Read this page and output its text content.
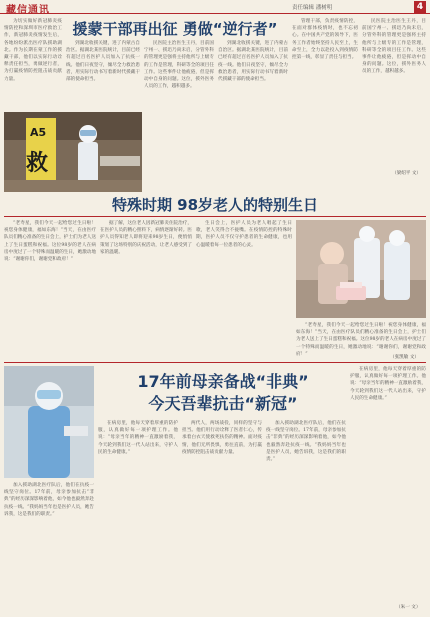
藏信通讯	责任编辑 潘树明	4

为切实做好新冠肺炎疫情防控和深圳市医疗救治工作，新冠肺炎疫情发生后，各地纷纷派出医疗队援助湖北。作为长期在蒙工作的援藏干部，他们以实际行动诠释责任担当，勇做逆行者，为打赢疫情防控阻击战贡献力量。

援蒙干部再出征 勇做“逆行者”

民医院主治医生王丹，目前国宁州一、援迅乃尚未启，分管外科的管理更是强将主持他所与上级专的工作是管理，科研等全的项目任工作。这些事件让他疲倦，但是挥动中自身的问题。这位，援外医务人员的工作，越积越多。

到湖北收援关键，进了内蒙古自治区。据湖北某医院统计，目前已经有超过百名医护人员加入了抗疫一线。他们日夜坚守，倾尽全力救治患者，用实际行动书写着新时代援藏干部的使命担当。

管理干部，负责疫情防控，在面对群体疫情时，也不忘初心。在中国共产党的领导下，医务工作者始终坚持人民至上，生命至上，全力以赴投入到疫情防控第一线，彰显了责任与担当。

民医院主治医生王丹，目前国宁州一、援迅乃尚未启，分管外科的管理更是强将主持他所与上级专的工作是管理，科研等全的项目任工作。这些事件让他疲倦，但是挥动中自身的问题。这位，援外医务人员的工作，越积越多。

（梁绍平 文）
A5
救

到湖北收援关键，进了内蒙古自治区。据湖北某医院统计，目前已经有超过百名医护人员加入了抗疫一线。他们日夜坚守，倾尽全力救治患者，用实际行动书写着新时代援藏干部的使命担当。

特殊时期 98岁老人的特别生日

“老寿星，我们今天一起给您过生日啦！祝您身体健康，福如东海！”当天，在由医疗队员们精心准备的生日会上，护士们为老人送上了生日蛋糕和祝福。这位98岁的老人在病房中度过了一个特殊而温暖的生日，她激动地说：“谢谢你们，谢谢党和政府！”

据了解，这位老人因新冠肺炎住院治疗，在医护人员的精心照料下，病情逐渐好转。医护人员得知老人即将迎来98岁生日，便悄悄策划了这场特别的庆祝活动，让老人感受到了家的温暖。

生日会上，医护人员为老人唱起了生日歌，老人笑得合不拢嘴。在疫情防控的特殊时期，医护人员不仅守护患者的生命健康，也用心温暖着每一位患者的心灵。

（张凯敏 文）

“老寿星，我们今天一起给您过生日啦！祝您身体健康，福如东海！”当天，在由医疗队员们精心准备的生日会上，护士们为老人送上了生日蛋糕和祝福。这位98岁的老人在病房中度过了一个特殊而温暖的生日，她激动地说：“谢谢你们，谢谢党和政府！”

加入援助湖北医疗队后，他们在抗疫一线坚守岗位。17年前，母亲参加抗击“非典”的经历深深影响着他，如今他也毅然奔赴抗疫一线。“我妈妈当年也是医护人员，她告诉我，这是我们的职责。”

17年前母亲备战“非典”
今天吾辈抗击“新冠”

在病房里，他每天穿着厚重的防护服，认真做好每一项护理工作。他说：“母亲当年的精神一直激励着我，今天轮到我们这一代人站出来，守护人民的生命健康。”

两代人，两场战役，同样的坚守与担当。他们用行动诠释了医者仁心，传承着白衣天使救死扶伤的精神。面对疫情，他们无所畏惧，勇往直前，为打赢疫情防控阻击战贡献力量。

加入援助湖北医疗队后，他们在抗疫一线坚守岗位。17年前，母亲参加抗击“非典”的经历深深影响着他，如今他也毅然奔赴抗疫一线。“我妈妈当年也是医护人员，她告诉我，这是我们的职责。”

在病房里，他每天穿着厚重的防护服，认真做好每一项护理工作。他说：“母亲当年的精神一直激励着我，今天轮到我们这一代人站出来，守护人民的生命健康。”

（朱一 文）
